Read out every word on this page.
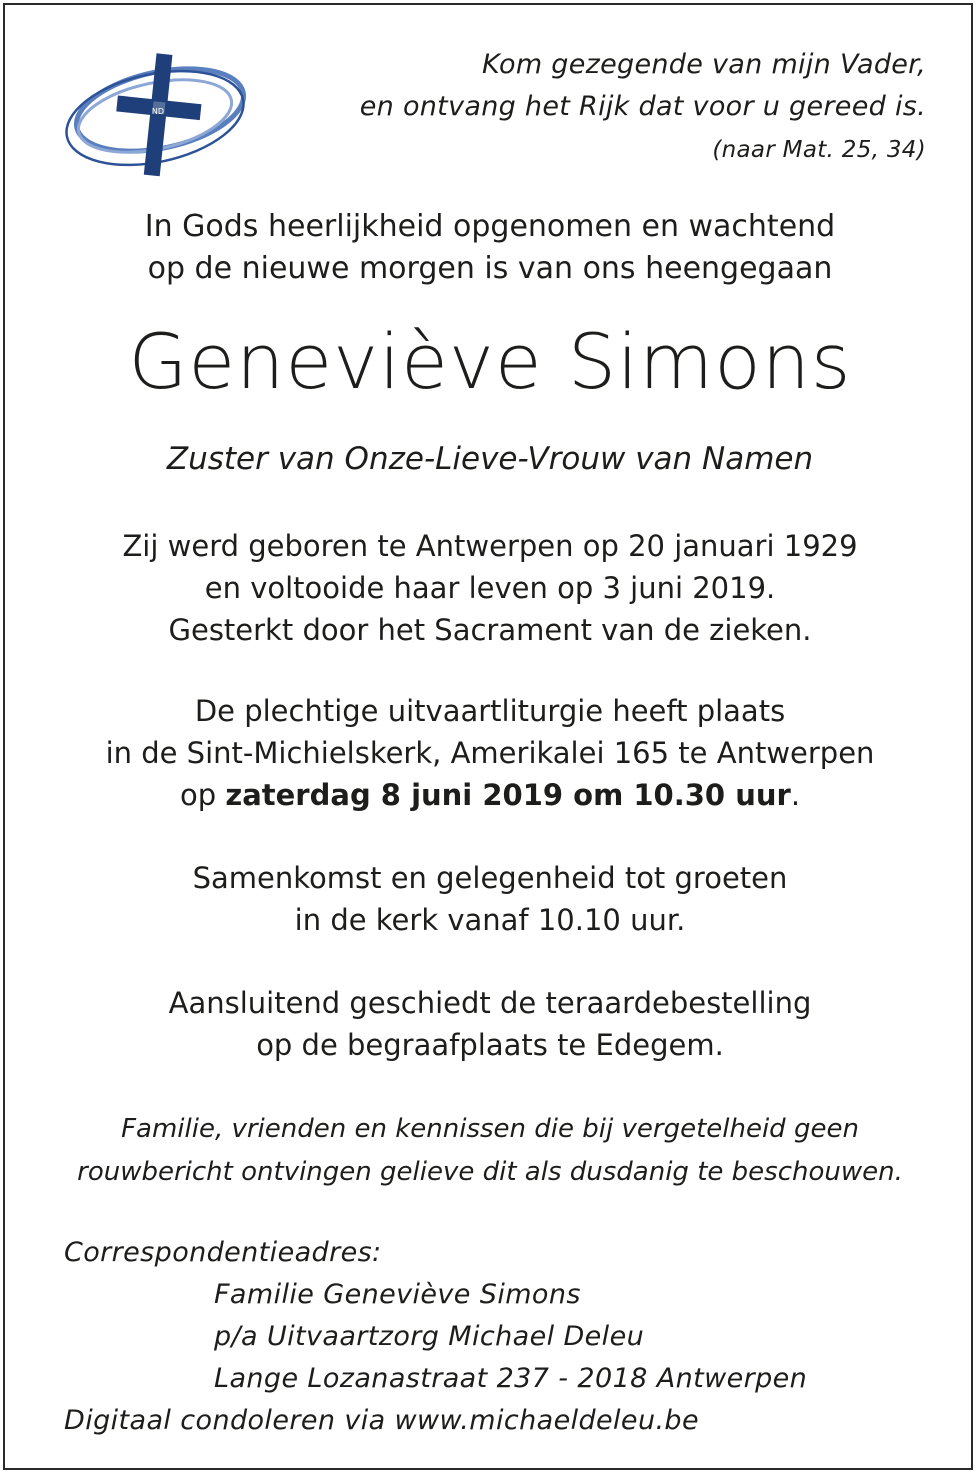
ND
Kom gezegende van mijn Vader,
en ontvang het Rijk dat voor u gereed is.
(naar Mat. 25, 34)
In Gods heerlijkheid opgenomen en wachtend
op de nieuwe morgen is van ons heengegaan
Geneviève Simons
Zuster van Onze-Lieve-Vrouw van Namen
Zij werd geboren te Antwerpen op 20 januari 1929
en voltooide haar leven op 3 juni 2019.
Gesterkt door het Sacrament van de zieken.
De plechtige uitvaartliturgie heeft plaats
in de Sint-Michielskerk, Amerikalei 165 te Antwerpen
op zaterdag 8 juni 2019 om 10.30 uur.
Samenkomst en gelegenheid tot groeten
in de kerk vanaf 10.10 uur.
Aansluitend geschiedt de teraardebestelling
op de begraafplaats te Edegem.
Familie, vrienden en kennissen die bij vergetelheid geen
rouwbericht ontvingen gelieve dit als dusdanig te beschouwen.
Correspondentieadres:
Familie Geneviève Simons
p/a Uitvaartzorg Michael Deleu
Lange Lozanastraat 237 - 2018 Antwerpen
Digitaal condoleren via www.michaeldeleu.be
